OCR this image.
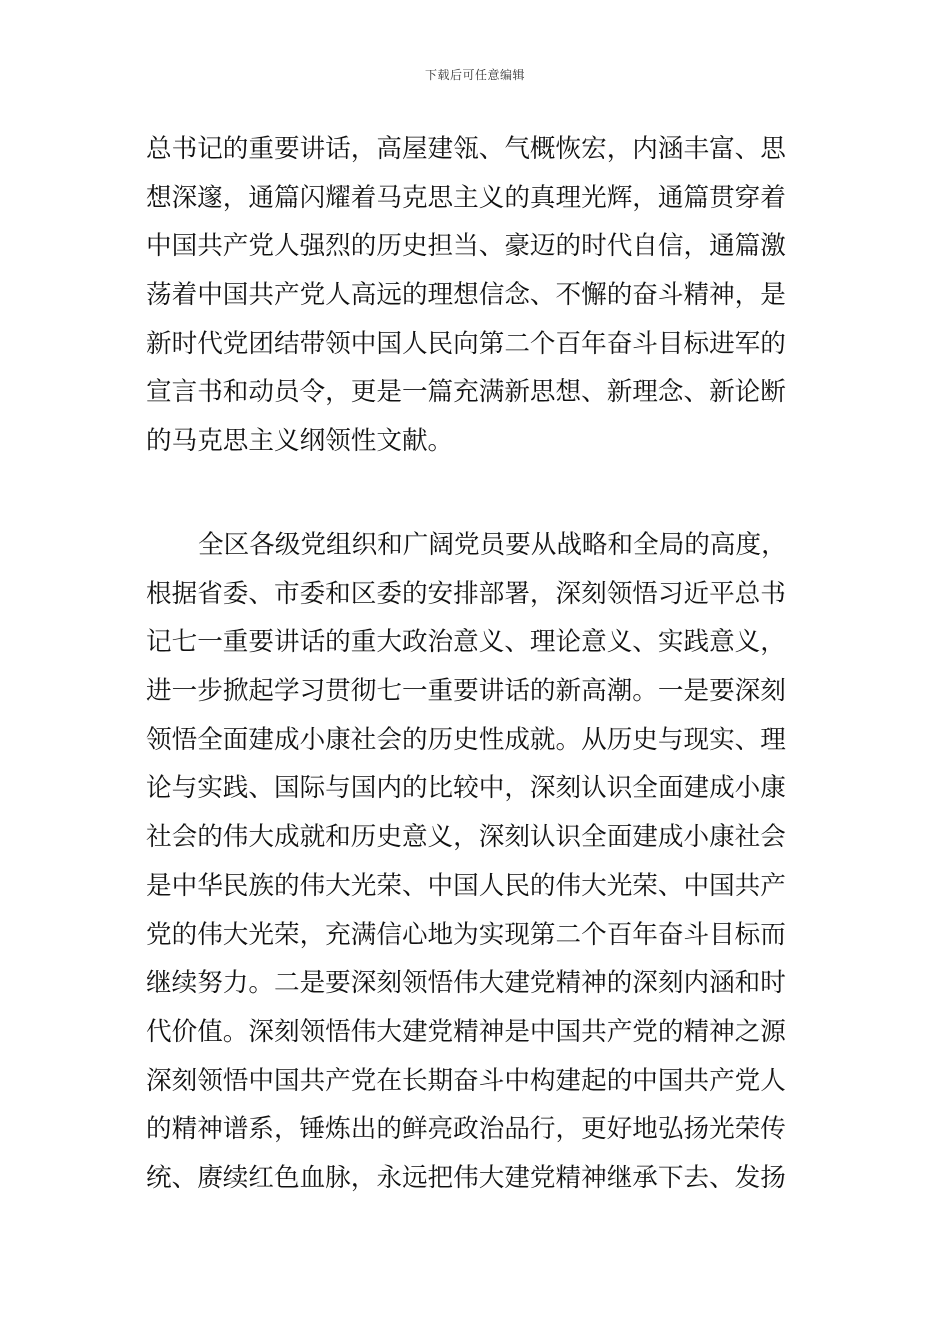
下载后可任意编辑
总书记的重要讲话，高屋建瓴、气概恢宏，内涵丰富、思
想深邃，通篇闪耀着马克思主义的真理光辉，通篇贯穿着
中国共产党人强烈的历史担当、豪迈的时代自信，通篇激
荡着中国共产党人高远的理想信念、不懈的奋斗精神，是
新时代党团结带领中国人民向第二个百年奋斗目标进军的
宣言书和动员令，更是一篇充满新思想、新理念、新论断
的马克思主义纲领性文献。
全区各级党组织和广阔党员要从战略和全局的高度，
根据省委、市委和区委的安排部署，深刻领悟习近平总书
记七一重要讲话的重大政治意义、理论意义、实践意义，
进一步掀起学习贯彻七一重要讲话的新高潮。一是要深刻
领悟全面建成小康社会的历史性成就。从历史与现实、理
论与实践、国际与国内的比较中，深刻认识全面建成小康
社会的伟大成就和历史意义，深刻认识全面建成小康社会
是中华民族的伟大光荣、中国人民的伟大光荣、中国共产
党的伟大光荣，充满信心地为实现第二个百年奋斗目标而
继续努力。二是要深刻领悟伟大建党精神的深刻内涵和时
代价值。深刻领悟伟大建党精神是中国共产党的精神之源
深刻领悟中国共产党在长期奋斗中构建起的中国共产党人
的精神谱系，锤炼出的鲜亮政治品行，更好地弘扬光荣传
统、赓续红色血脉，永远把伟大建党精神继承下去、发扬
